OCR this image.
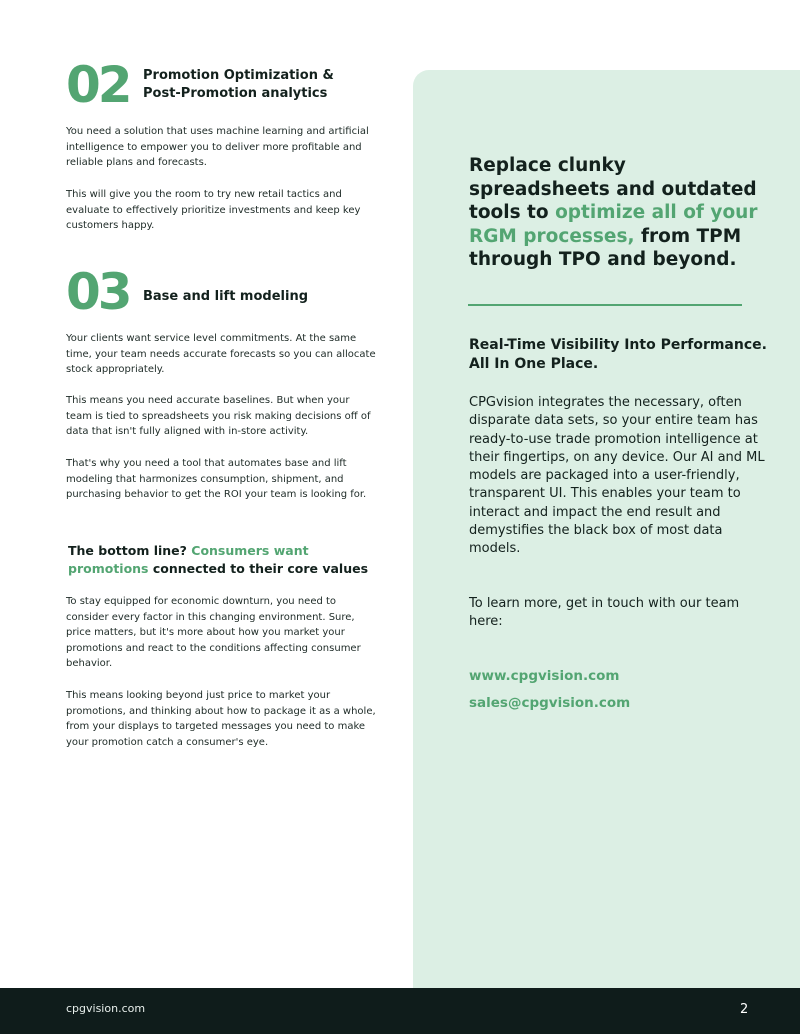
02	Promotion Optimization &
Post-Promotion analytics

You need a solution that uses machine learning and artificial intelligence to empower you to deliver more profitable and reliable plans and forecasts.

This will give you the room to try new retail tactics and evaluate to effectively prioritize investments and keep key customers happy.

03	Base and lift modeling

Your clients want service level commitments. At the same time, your team needs accurate forecasts so you can allocate stock appropriately.

This means you need accurate baselines. But when your team is tied to spreadsheets you risk making decisions off of data that isn't fully aligned with in-store activity.

That's why you need a tool that automates base and lift modeling that harmonizes consumption, shipment, and purchasing behavior to get the ROI your team is looking for.

The bottom line? Consumers want promotions connected to their core values

To stay equipped for economic downturn, you need to consider every factor in this changing environment. Sure, price matters, but it's more about how you market your promotions and react to the conditions affecting consumer behavior.

This means looking beyond just price to market your promotions, and thinking about how to package it as a whole, from your displays to targeted messages you need to make your promotion catch a consumer's eye.

Replace clunky spreadsheets and outdated tools to optimize all of your RGM processes, from TPM through TPO and beyond.
Real-Time Visibility Into Performance. All In One Place.

CPGvision integrates the necessary, often disparate data sets, so your entire team has ready-to-use trade promotion intelligence at their fingertips, on any device. Our AI and ML models are packaged into a user-friendly, transparent UI. This enables your team to interact and impact the end result and demystifies the black box of most data models.

To learn more, get in touch with our team here:

www.cpgvision.com
sales@cpgvision.com
cpgvision.com	2
